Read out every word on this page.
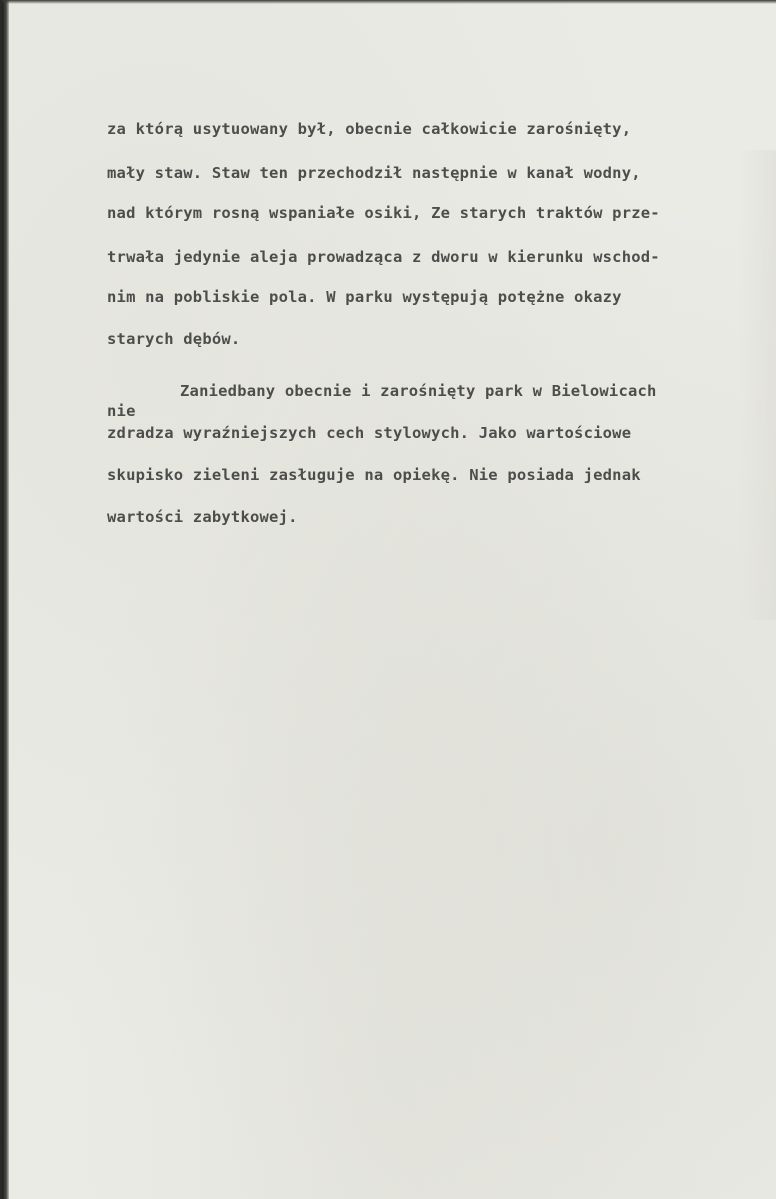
za którą usytuowany był, obecnie całkowicie zarośnięty,

mały staw. Staw ten przechodził następnie w kanał wodny,

nad którym rosną wspaniałe osiki, Ze starych traktów prze-

trwała jedynie aleja prowadząca z dworu w kierunku wschod-

nim na pobliskie pola. W parku występują potężne okazy

starych dębów.

Zaniedbany obecnie i zarośnięty park w Bielowicach

nie

zdradza wyraźniejszych cech stylowych. Jako wartościowe

skupisko zieleni zasługuje na opiekę. Nie posiada jednak

wartości zabytkowej.
